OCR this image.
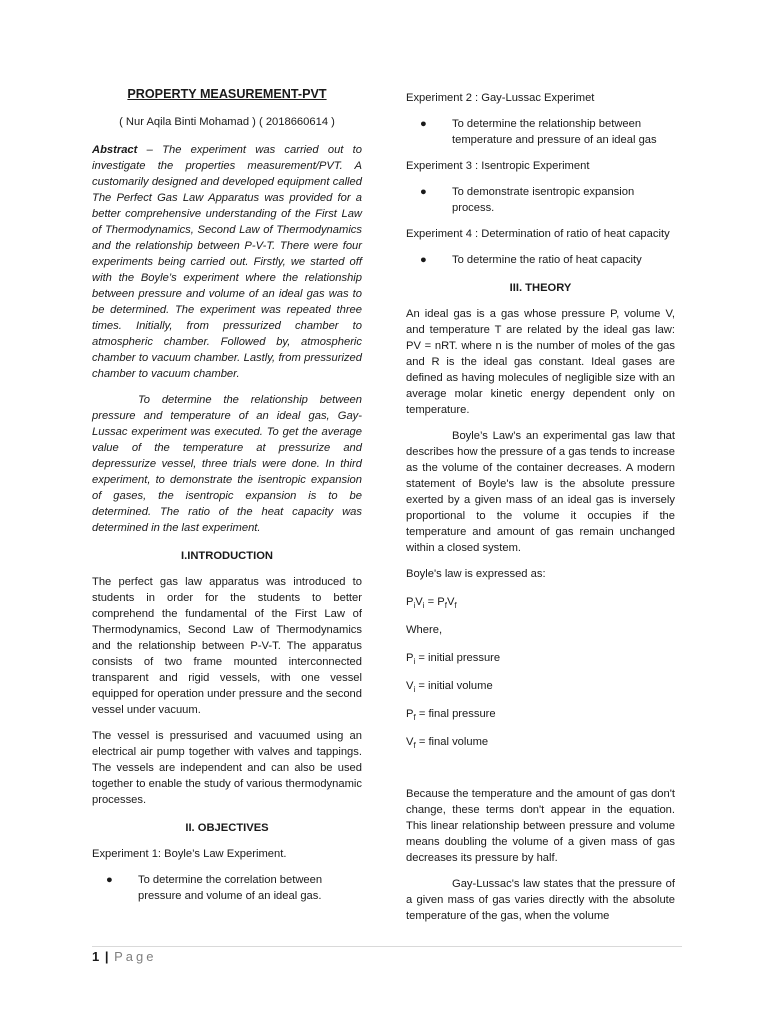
PROPERTY MEASUREMENT-PVT

( Nur Aqila Binti Mohamad ) ( 2018660614 )

Abstract – The experiment was carried out to investigate the properties measurement/PVT. A customarily designed and developed equipment called The Perfect Gas Law Apparatus was provided for a better comprehensive understanding of the First Law of Thermodynamics, Second Law of Thermodynamics and the relationship between P-V-T. There were four experiments being carried out. Firstly, we started off with the Boyle’s experiment where the relationship between pressure and volume of an ideal gas was to be determined. The experiment was repeated three times. Initially, from pressurized chamber to atmospheric chamber. Followed by, atmospheric chamber to vacuum chamber. Lastly, from pressurized chamber to vacuum chamber.

To determine the relationship between pressure and temperature of an ideal gas, Gay-Lussac experiment was executed. To get the average value of the temperature at pressurize and depressurize vessel, three trials were done. In third experiment, to demonstrate the isentropic expansion of gases, the isentropic expansion is to be determined. The ratio of the heat capacity was determined in the last experiment.

I.INTRODUCTION

The perfect gas law apparatus was introduced to students in order for the students to better comprehend the fundamental of the First Law of Thermodynamics, Second Law of Thermodynamics and the relationship between P-V-T. The apparatus consists of two frame mounted interconnected transparent and rigid vessels, with one vessel equipped for operation under pressure and the second vessel under vacuum.

The vessel is pressurised and vacuumed using an electrical air pump together with valves and tappings. The vessels are independent and can also be used together to enable the study of various thermodynamic processes.

II. OBJECTIVES

Experiment 1: Boyle’s Law Experiment.

● To determine the correlation between pressure and volume of an ideal gas.

Experiment 2 : Gay-Lussac Experimet

● To determine the relationship between temperature and pressure of an ideal gas

Experiment 3 : Isentropic Experiment

● To demonstrate isentropic expansion process.

Experiment 4 : Determination of ratio of heat capacity

● To determine the ratio of heat capacity

III. THEORY

An ideal gas is a gas whose pressure P, volume V, and temperature T are related by the ideal gas law: PV = nRT. where n is the number of moles of the gas and R is the ideal gas constant. Ideal gases are defined as having molecules of negligible size with an average molar kinetic energy dependent only on temperature.

Boyle’s Law’s an experimental gas law that describes how the pressure of a gas tends to increase as the volume of the container decreases. A modern statement of Boyle's law is the absolute pressure exerted by a given mass of an ideal gas is inversely proportional to the volume it occupies if the temperature and amount of gas remain unchanged within a closed system.

Boyle's law is expressed as:

$P_iV_i = P_fV_f$

Where,

$P_i$ = initial pressure

$V_i$ = initial volume

$P_f$ = final pressure

$V_f$ = final volume

Because the temperature and the amount of gas don't change, these terms don't appear in the equation. This linear relationship between pressure and volume means doubling the volume of a given mass of gas decreases its pressure by half.

Gay-Lussac's law states that the pressure of a given mass of gas varies directly with the absolute temperature of the gas, when the volume

1 | Page
